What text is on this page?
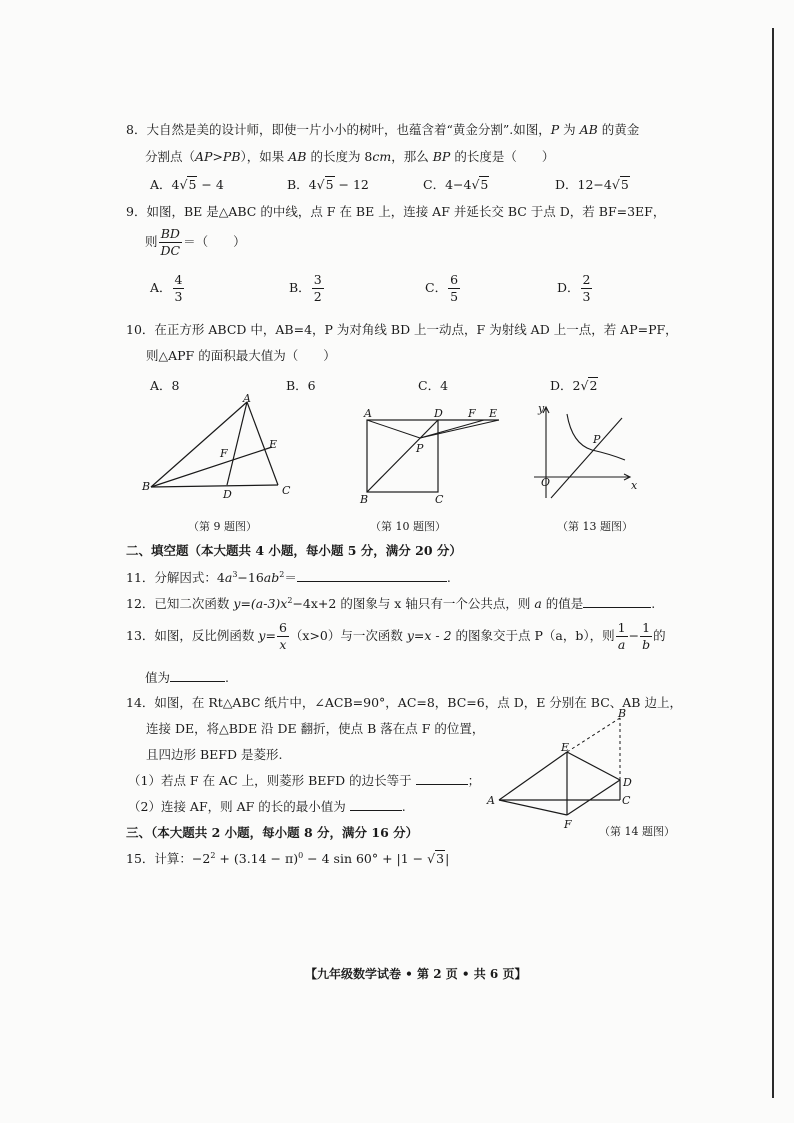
8．大自然是美的设计师，即使一片小小的树叶，也蕴含着“黄金分割”.如图，P 为 AB 的黄金
分割点（AP>PB），如果 AB 的长度为 8cm，那么 BP 的长度是（　　）
A．4√5 − 4	B．4√5 − 12	C．4−4√5	D．12−4√5
9．如图，BE 是△ABC 的中线，点 F 在 BE 上，连接 AF 并延长交 BC 于点 D，若 BF=3EF，
则 $\frac{BD}{DC}$ ＝（　　）
A． $\frac{4}{3}$	B． $\frac{3}{2}$	C． $\frac{6}{5}$	D． $\frac{2}{3}$
10．在正方形 ABCD 中，AB=4，P 为对角线 BD 上一动点，F 为射线 AD 上一点，若 AP=PF，
则△APF 的面积最大值为（　　）
A．8	B．6	C．4	D．2√2
A
B	C
D
E
F
（第 9 题图）
A	D F E
P
B	C
（第 10 题图）
y
x
O
P
（第 13 题图）
二、填空题（本大题共 4 小题，每小题 5 分，满分 20 分）
11．分解因式：$4a^3-16ab^2=$	.
12．已知二次函数 $y=(a-3)x^2-4x+2$ 的图象与 x 轴只有一个公共点，则 a 的值是	.
13．如图，反比例函数 $y= \frac{6}{x} (x>0)$与一次函数 y=x - 2 的图象交于点 P（a，b），则 $\frac{1}{a} - \frac{1}{b}$ 的
值为	.
14．如图，在 Rt△ABC 纸片中，∠ACB=90°，AC=8，BC=6，点 D，E 分别在 BC、AB 边上，
连接 DE，将△BDE 沿 DE 翻折，使点 B 落在点 F 的位置，
且四边形 BEFD 是菱形.
（1）若点 F 在 AC 上，则菱形 BEFD 的边长等于	；
（2）连接 AF，则 AF 的长的最小值为	.	A
B
C
D
E
F
（第 14 题图）
三、（本大题共 2 小题，每小题 8 分，满分 16 分）
15．计算：$-2^2 + (3.14 - \pi)^0 - 4$ sin 60° + |1 − √3|
【九年级数学试卷 • 第 2 页 • 共 6 页】
